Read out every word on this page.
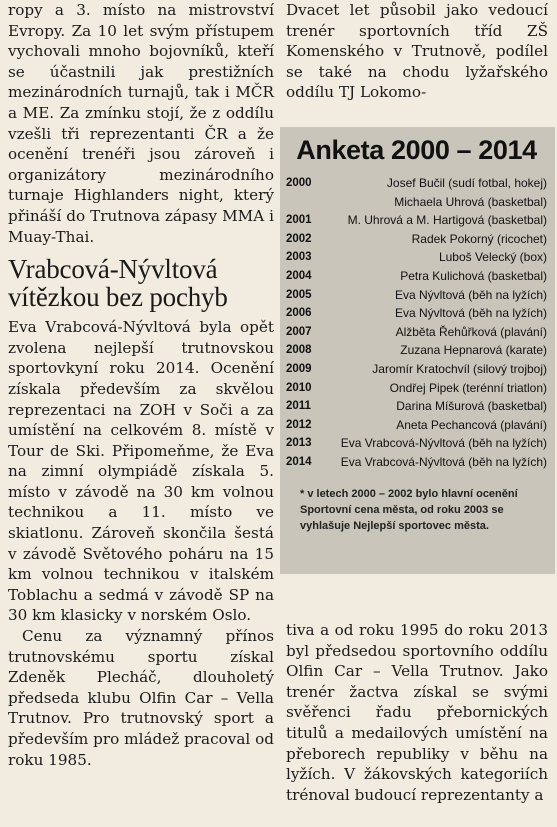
ropy a 3. místo na mistrovství Evropy. Za 10 let svým přístupem vychovali mnoho bojovníků, kteří se účastnili jak prestižních mezinárodních turnajů, tak i MČR a ME. Za zmínku stojí, že z oddílu vzešli tři reprezentanti ČR a že ocenění trenéři jsou zároveň i organizátory mezinárodního turnaje Highlanders night, který přináší do Trutnova zápasy MMA i Muay-Thai.

Vrabcová-Nývltová vítězkou bez pochyb

Eva Vrabcová-Nývltová byla opět zvolena nejlepší trutnovskou sportovkyní roku 2014. Ocenění získala především za skvělou reprezentaci na ZOH v Soči a za umístění na celkovém 8. místě v Tour de Ski. Připomeňme, že Eva na zimní olympiádě získala 5. místo v závodě na 30 km volnou technikou a 11. místo ve skiatlonu. Zároveň skončila šestá v závodě Světového poháru na 15 km volnou technikou v italském Toblachu a sedmá v závodě SP na 30 km klasicky v norském Oslo.

Cenu za významný přínos trutnovskému sportu získal Zdeněk Plecháč, dlouholetý předseda klubu Olfin Car – Vella Trutnov. Pro trutnovský sport a především pro mládež pracoval od roku 1985.

Dvacet let působil jako vedoucí trenér sportovních tříd ZŠ Komenského v Trutnově, podílel se také na chodu lyžařského oddílu TJ Lokomo-

Anketa 2000 – 2014
2000	Josef Bučil (sudí fotbal, hokej)
Michaela Uhrová (basketbal)
2001	M. Uhrová a M. Hartigová (basketbal)
2002	Radek Pokorný (ricochet)
2003	Luboš Velecký (box)
2004	Petra Kulichová (basketbal)
2005	Eva Nývltová (běh na lyžích)
2006	Eva Nývltová (běh na lyžích)
2007	Alžběta Řehůřková (plavání)
2008	Zuzana Hepnarová (karate)
2009	Jaromír Kratochvíl (silový trojboj)
2010	Ondřej Pipek (terénní triatlon)
2011	Darina Míšurová (basketbal)
2012	Aneta Pechancová (plavání)
2013	Eva Vrabcová-Nývltová (běh na lyžích)
2014	Eva Vrabcová-Nývltová (běh na lyžích)
* v letech 2000 – 2002 bylo hlavní ocenění Sportovní cena města, od roku 2003 se vyhlašuje Nejlepší sportovec města.

tiva a od roku 1995 do roku 2013 byl předsedou sportovního oddílu Olfin Car – Vella Trutnov. Jako trenér žactva získal se svými svěřenci řadu přebornických titulů a medailových umístění na přeborech republiky v běhu na lyžích. V žákovských kategoriích trénoval budoucí reprezentanty a
